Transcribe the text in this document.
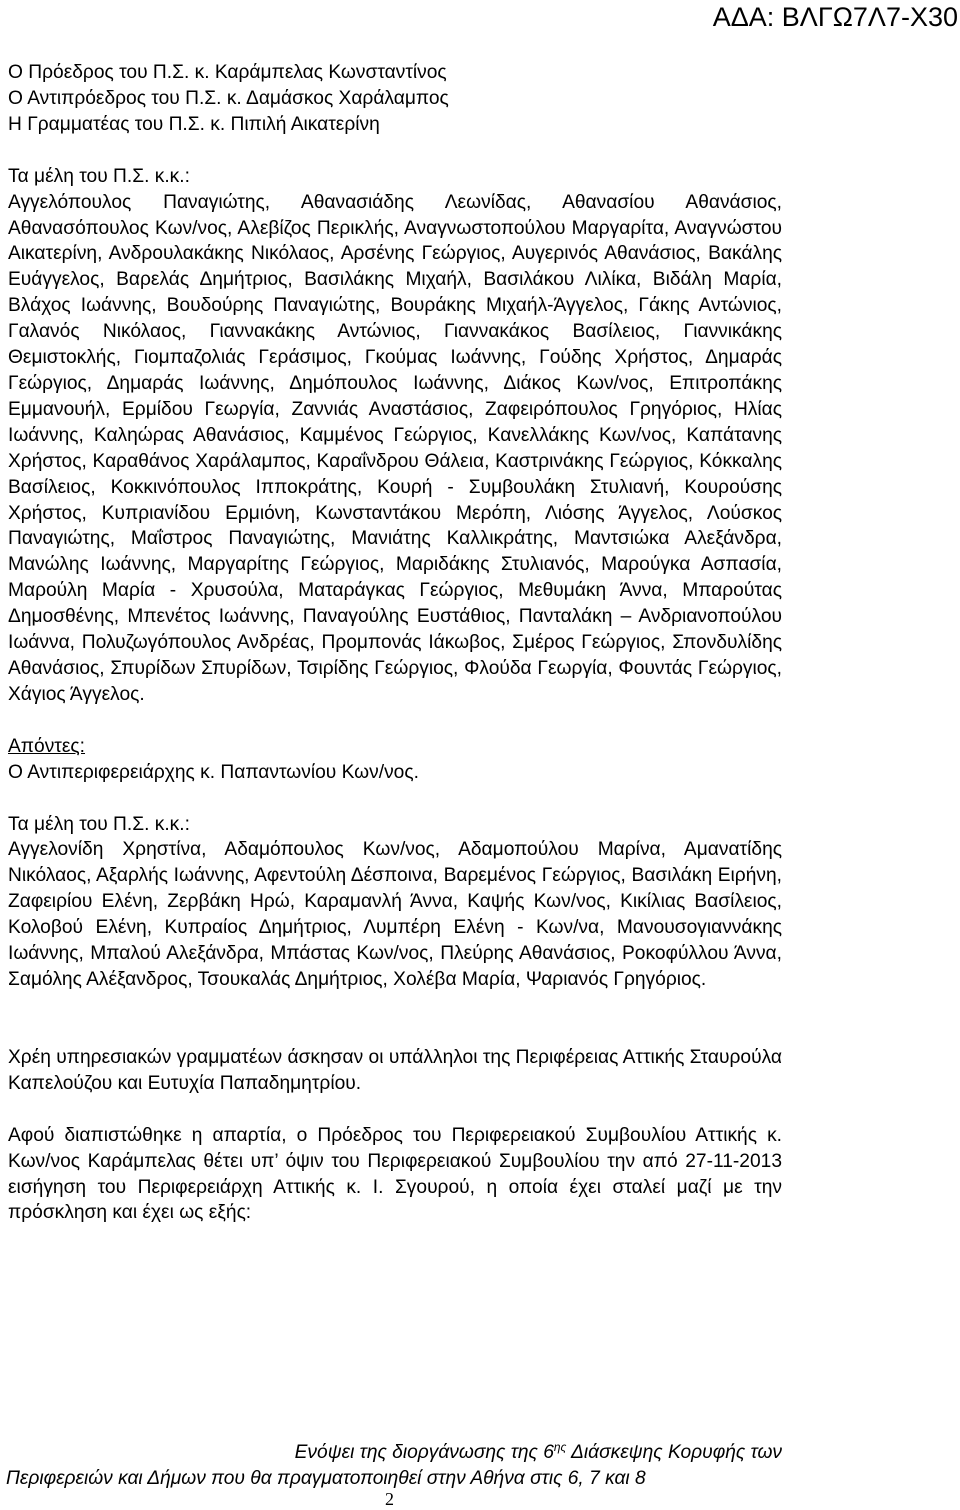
ΑΔΑ: ΒΛΓΩ7Λ7-Χ30

Ο Πρόεδρος του Π.Σ. κ. Καράμπελας Κωνσταντίνος

Ο Αντιπρόεδρος του Π.Σ. κ. Δαμάσκος Χαράλαμπος

Η Γραμματέας του Π.Σ. κ. Πιπιλή Αικατερίνη

Τα μέλη του Π.Σ. κ.κ.:

Αγγελόπουλος Παναγιώτης, Αθανασιάδης Λεωνίδας, Αθανασίου Αθανάσιος, Αθανασόπουλος Κων/νος, Αλεβίζος Περικλής, Αναγνωστοπούλου Μαργαρίτα, Αναγνώστου Αικατερίνη, Ανδρουλακάκης Νικόλαος, Αρσένης Γεώργιος, Αυγερινός Αθανάσιος, Βακάλης Ευάγγελος, Βαρελάς Δημήτριος, Βασιλάκης Μιχαήλ, Βασιλάκου Λιλίκα, Βιδάλη Μαρία, Βλάχος Ιωάννης, Βουδούρης Παναγιώτης, Βουράκης Μιχαήλ-Άγγελος, Γάκης Αντώνιος, Γαλανός Νικόλαος, Γιαννακάκης Αντώνιος, Γιαννακάκος Βασίλειος, Γιαννικάκης Θεμιστοκλής, Γιομπαζολιάς Γεράσιμος, Γκούμας Ιωάννης, Γούδης Χρήστος, Δημαράς Γεώργιος, Δημαράς Ιωάννης, Δημόπουλος Ιωάννης, Διάκος Κων/νος, Επιτροπάκης Εμμανουήλ, Ερμίδου Γεωργία, Ζαννιάς Αναστάσιος, Ζαφειρόπουλος Γρηγόριος, Ηλίας Ιωάννης, Καληώρας Αθανάσιος, Καμμένος Γεώργιος, Κανελλάκης Κων/νος, Καπάτανης Χρήστος, Καραθάνος Χαράλαμπος, Καραΐνδρου Θάλεια, Καστρινάκης Γεώργιος, Κόκκαλης Βασίλειος, Κοκκινόπουλος Ιπποκράτης, Κουρή - Συμβουλάκη Στυλιανή, Κουρούσης Χρήστος, Κυπριανίδου Ερμιόνη, Κωνσταντάκου Μερόπη, Λιόσης Άγγελος, Λούσκος Παναγιώτης, Μαΐστρος Παναγιώτης, Μανιάτης Καλλικράτης, Μαντσιώκα Αλεξάνδρα, Μανώλης Ιωάννης, Μαργαρίτης Γεώργιος, Μαριδάκης Στυλιανός, Μαρούγκα Ασπασία, Μαρούλη Μαρία - Χρυσούλα, Ματαράγκας Γεώργιος, Μεθυμάκη Άννα, Μπαρούτας Δημοσθένης, Μπενέτος Ιωάννης, Παναγούλης Ευστάθιος, Πανταλάκη – Ανδριανοπούλου Ιωάννα, Πολυζωγόπουλος Ανδρέας, Προμπονάς Ιάκωβος, Σμέρος Γεώργιος, Σπονδυλίδης Αθανάσιος, Σπυρίδων Σπυρίδων, Τσιρίδης Γεώργιος, Φλούδα Γεωργία, Φουντάς Γεώργιος, Χάγιος Άγγελος.

Απόντες:

Ο Αντιπεριφερειάρχης κ. Παπαντωνίου Κων/νος.

Τα μέλη του Π.Σ. κ.κ.:

Αγγελονίδη Χρηστίνα, Αδαμόπουλος Κων/νος, Αδαμοπούλου Μαρίνα, Αμανατίδης Νικόλαος, Αξαρλής Ιωάννης, Αφεντούλη Δέσποινα, Βαρεμένος Γεώργιος, Βασιλάκη Ειρήνη, Ζαφειρίου Ελένη, Ζερβάκη Ηρώ, Καραμανλή Άννα, Καψής Κων/νος, Κικίλιας Βασίλειος, Κολοβού Ελένη, Κυπραίος Δημήτριος, Λυμπέρη Ελένη - Κων/να, Μανουσογιαννάκης Ιωάννης, Μπαλού Αλεξάνδρα, Μπάστας Κων/νος, Πλεύρης Αθανάσιος, Ροκοφύλλου Άννα, Σαμόλης Αλέξανδρος, Τσουκαλάς Δημήτριος, Χολέβα Μαρία, Ψαριανός Γρηγόριος.

Χρέη υπηρεσιακών γραμματέων άσκησαν οι υπάλληλοι της Περιφέρειας Αττικής Σταυρούλα Καπελούζου και Ευτυχία Παπαδημητρίου.

Αφού διαπιστώθηκε η απαρτία, ο Πρόεδρος του Περιφερειακού Συμβουλίου Αττικής κ. Κων/νος Καράμπελας θέτει υπ’ όψιν του Περιφερειακού Συμβουλίου την από 27-11-2013 εισήγηση του Περιφερειάρχη Αττικής κ. Ι. Σγουρού, η οποία έχει σταλεί μαζί με την πρόσκληση και έχει ως εξής:

Ενόψει της διοργάνωσης της $6^{\eta\varsigma}$ Διάσκεψης Κορυφής των
Περιφερειών και Δήμων που θα πραγματοποιηθεί στην Αθήνα στις 6, 7 και 8
2
